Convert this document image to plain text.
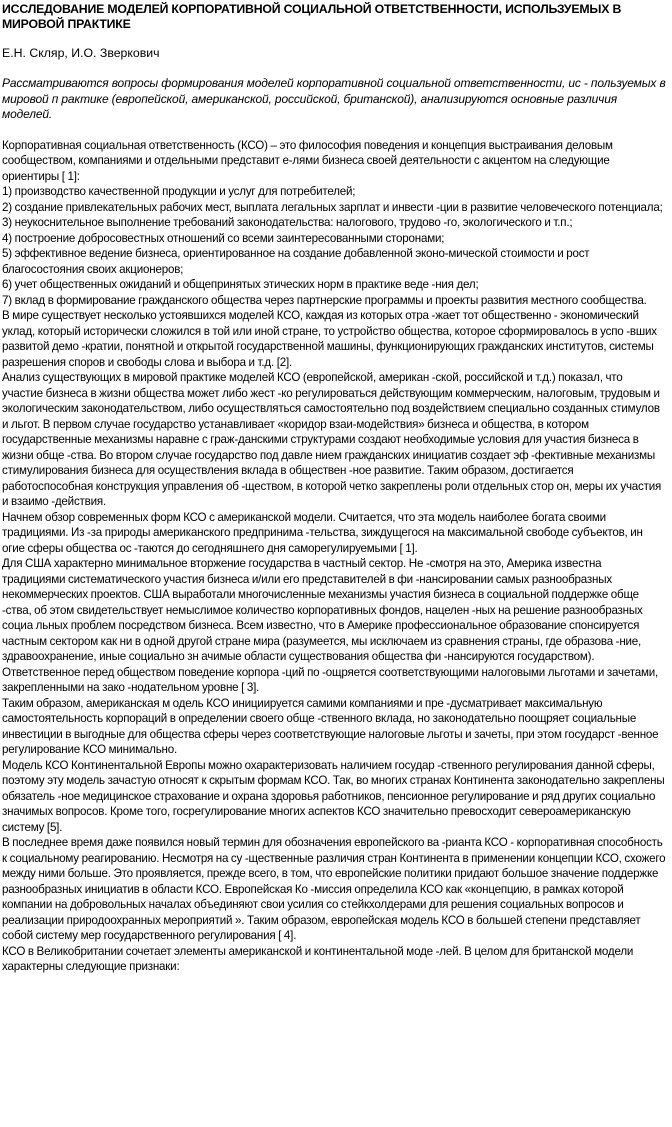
ИССЛЕДОВАНИЕ МОДЕЛЕЙ КОРПОРАТИВНОЙ СОЦИАЛЬНОЙ ОТВЕТСТВЕННОСТИ, ИСПОЛЬЗУЕМЫХ В МИРОВОЙ ПРАКТИКЕ
Е.Н. Скляр, И.О. Зверкович
Рассматриваются вопросы формирования моделей корпоративной социальной ответственности, ис - пользуемых в мировой п рактике (европейской, американской, российской, британской), анализируются основные различия моделей.

Корпоративная социальная ответственность (КСО) – это философия поведения и концепция выстраивания деловым сообществом, компаниями и отдельными представит е-лями бизнеса своей деятельности с акцентом на следующие ориентиры [ 1]:

1) производство качественной продукции и услуг для потребителей;

2) создание привлекательных рабочих мест, выплата легальных зарплат и инвести -ции в развитие человеческого потенциала;

3) неукоснительное выполнение требований законодательства: налогового, трудово -го, экологического и т.п.;

4) построение добросовестных отношений со всеми заинтересованными сторонами;

5) эффективное ведение бизнеса, ориентированное на создание добавленной эконо-мической стоимости и рост благосостояния своих акционеров;

6) учет общественных ожиданий и общепринятых этических норм в практике веде -ния дел;

7) вклад в формирование гражданского общества через партнерские программы и проекты развития местного сообщества.

В мире существует несколько устоявшихся моделей КСО, каждая из которых отра -жает тот общественно - экономический уклад, который исторически сложился в той или иной стране, то устройство общества, которое сформировалось в успо -вших развитой демо -кратии, понятной и открытой государственной машины, функционирующих гражданских институтов, системы разрешения споров и свободы слова и выбора и т.д. [2].

Анализ существующих в мировой практике моделей КСО (европейской, американ -ской, российской и т.д.) показал, что участие бизнеса в жизни общества может либо жест -ко регулироваться действующим коммерческим, налоговым, трудовым и экологическим законодательством, либо осуществляться самостоятельно под воздействием специально созданных стимулов и льгот. В первом случае государство устанавливает «коридор взаи-модействия» бизнеса и общества, в котором государственные механизмы наравне с граж-данскими структурами создают необходимые условия для участия бизнеса в жизни обще -ства. Во втором случае государство под давле нием гражданских инициатив создает эф -фективные механизмы стимулирования бизнеса для осуществления вклада в обществен -ное развитие. Таким образом, достигается работоспособная конструкция управления об -ществом, в которой четко закреплены роли отдельных стор он, меры их участия и взаимо -действия.

Начнем обзор современных форм КСО с американской модели. Считается, что эта модель наиболее богата своими традициями. Из -за природы американского предпринима -тельства, зиждущегося на максимальной свободе субъектов, ин огие сферы общества ос -таются до сегодняшнего дня саморегулируемыми [ 1].

Для США характерно минимальное вторжение государства в частный сектор. Не -смотря на это, Америка известна традициями систематического участия бизнеса и/или его представителей в фи -нансировании самых разнообразных некоммерческих проектов. США выработали многочисленные механизмы участия бизнеса в социальной поддержке обще -ства, об этом свидетельствует немыслимое количество корпоративных фондов, нацелен -ных на решение разнообразных социа льных проблем посредством бизнеса. Всем известно, что в Америке профессиональное образование спонсируется частным сектором как ни в одной другой стране мира (разумеется, мы исключаем из сравнения страны, где образова -ние, здравоохранение, иные социально зн ачимые области существования общества фи -нансируются государством). Ответственное перед обществом поведение корпора -ций по -ощряется соответствующими налоговыми льготами и зачетами, закрепленными на зако -нодательном уровне [ 3].

Таким образом, американская м одель КСО инициируется самими компаниями и пре -дусматривает максимальную самостоятельность корпораций в определении своего обще -ственного вклада, но законодательно поощряет социальные инвестиции в выгодные для общества сферы через соответствующие налоговые льготы и зачеты, при этом государст -венное регулирование КСО минимально.

Модель КСО Континентальной Европы можно охарактеризовать наличием государ -ственного регулирования данной сферы, поэтому эту модель зачастую относят к скрытым формам КСО. Так, во многих странах Континента законодательно закреплены обязатель -ное медицинское страхование и охрана здоровья работников, пенсионное регулирование и ряд других социально значимых вопросов. Кроме того, госрегулирование многих аспектов КСО значительно превосходит североамериканскую систему [5].

В последнее время даже появился новый термин для обозначения европейского ва -рианта КСО - корпоративная способность к социальному реагированию. Несмотря на су -щественные различия стран Континента в применении концепции КСО, схожего между ними больше. Это проявляется, прежде всего, в том, что европейские политики придают большое значение поддержке разнообразных инициатив в области КСО. Европейская Ко -миссия определила КСО как «концепцию, в рамках которой компании на добровольных началах объединяют свои усилия со стейкхолдерами для решения социальных вопросов и реализации природоохранных мероприятий ». Таким образом, европейская модель КСО в большей степени представляет собой систему мер государственного регулирования [ 4].

КСО в Великобритании сочетает элементы американской и континентальной моде -лей. В целом для британской модели характерны следующие признаки:
